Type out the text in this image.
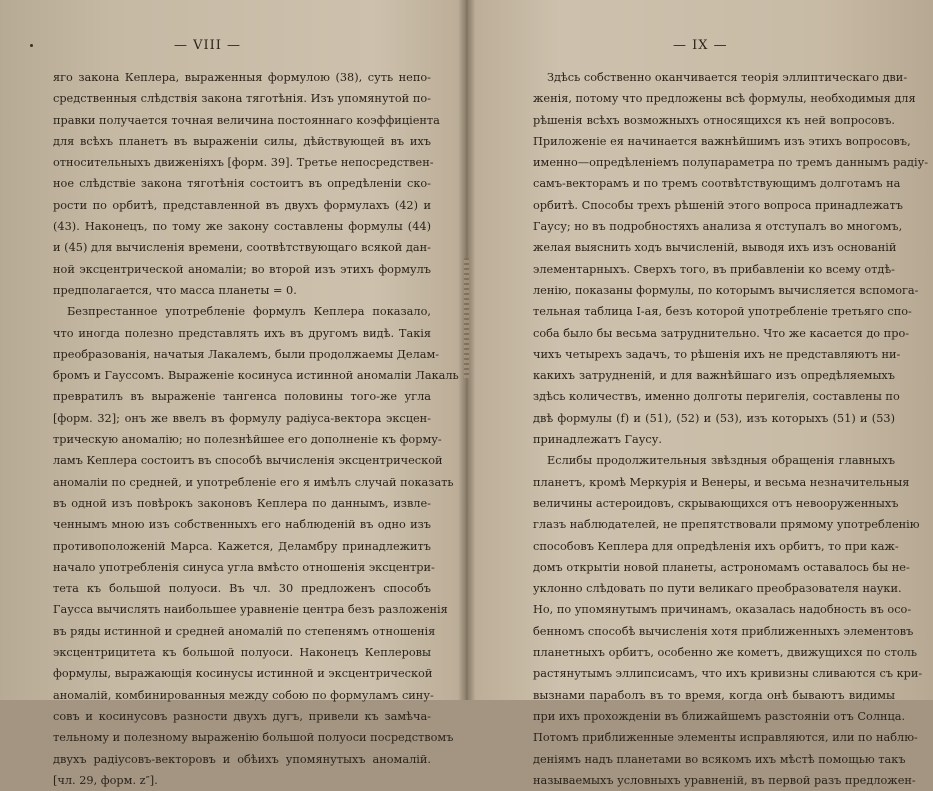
— VIII —
яго закона Кеплера, выраженныя формулою (38), суть непо-
средственныя слѣдствія закона тяготѣнія. Изъ упомянутой по-
правки получается точная величина постояннаго коэффиціента
для всѣхъ планетъ въ выраженіи силы, дѣйствующей въ ихъ
относительныхъ движеніяхъ [форм. 39]. Третье непосредствен-
ное слѣдствіе закона тяготѣнія состоитъ въ опредѣленіи ско-
рости по орбитѣ, представленной въ двухъ формулахъ (42) и
(43). Наконецъ, по тому же закону составлены формулы (44)
и (45) для вычисленія времени, соотвѣтствующаго всякой дан-
ной эксцентрической аномаліи; во второй изъ этихъ формулъ
предполагается, что масса планеты = 0.
Безпрестанное употребленіе формулъ Кеплера показало,
что иногда полезно представлять ихъ въ другомъ видѣ. Такія
преобразованія, начатыя Лакалемъ, были продолжаемы Делам-
бромъ и Гауссомъ. Выраженіе косинуса истинной аномаліи Лакаль
превратилъ въ выраженіе тангенса половины того-же угла
[форм. 32]; онъ же ввелъ въ формулу радіуса-вектора эксцен-
трическую аномалію; но полезнѣйшее его дополненіе къ форму-
ламъ Кеплера состоитъ въ способѣ вычисленія эксцентрической
аномаліи по средней, и употребленіе его я имѣлъ случай показать
въ одной изъ повѣрокъ законовъ Кеплера по даннымъ, извле-
ченнымъ мною изъ собственныхъ его наблюденій въ одно изъ
противоположеній Марса. Кажется, Деламбру принадлежитъ
начало употребленія синуса угла вмѣсто отношенія эксцентри-
тета къ большой полуоси. Въ чл. 30 предложенъ способъ
Гаусса вычислять наибольшее уравненіе центра безъ разложенія
въ ряды истинной и средней аномалій по степенямъ отношенія
эксцентрицитета къ большой полуоси. Наконецъ Кеплеровы
формулы, выражающія косинусы истинной и эксцентрической
аномалій, комбинированныя между собою по формуламъ сину-
совъ и косинусовъ разности двухъ дугъ, привели къ замѣча-
тельному и полезному выраженію большой полуоси посредствомъ
двухъ радіусовъ-векторовъ и обѣихъ упомянутыхъ аномалій.
[чл. 29, форм. z″].
— IX —
Здѣсь собственно оканчивается теорія эллиптическаго дви-
женія, потому что предложены всѣ формулы, необходимыя для
рѣшенія всѣхъ возможныхъ относящихся къ ней вопросовъ.
Приложеніе ея начинается важнѣйшимъ изъ этихъ вопросовъ,
именно—опредѣленіемъ полупараметра по тремъ даннымъ радіу-
самъ-векторамъ и по тремъ соотвѣтствующимъ долготамъ на
орбитѣ. Способы трехъ рѣшеній этого вопроса принадлежатъ
Гаусу; но въ подробностяхъ анализа я отступалъ во многомъ,
желая выяснить ходъ вычисленій, выводя ихъ изъ основаній
элементарныхъ. Сверхъ того, въ прибавленіи ко всему отдѣ-
ленію, показаны формулы, по которымъ вычисляется вспомога-
тельная таблица I-ая, безъ которой употребленіе третьяго спо-
соба было бы весьма затруднительно. Что же касается до про-
чихъ четырехъ задачъ, то рѣшенія ихъ не представляютъ ни-
какихъ затрудненій, и для важнѣйшаго изъ опредѣляемыхъ
здѣсь количествъ, именно долготы перигелія, составлены по
двѣ формулы (f) и (51), (52) и (53), изъ которыхъ (51) и (53)
принадлежатъ Гаусу.
Еслибы продолжительныя звѣздныя обращенія главныхъ
планетъ, кромѣ Меркурія и Венеры, и весьма незначительныя
величины астероидовъ, скрывающихся отъ невооруженныхъ
глазъ наблюдателей, не препятствовали прямому употребленію
способовъ Кеплера для опредѣленія ихъ орбитъ, то при каж-
домъ открытіи новой планеты, астрономамъ оставалось бы не-
уклонно слѣдовать по пути великаго преобразователя науки.
Но, по упомянутымъ причинамъ, оказалась надобность въ осо-
бенномъ способѣ вычисленія хотя приближенныхъ элементовъ
планетныхъ орбитъ, особенно же кометъ, движущихся по столь
растянутымъ эллипсисамъ, что ихъ кривизны сливаются съ кри-
вызнами параболъ въ то время, когда онѣ бываютъ видимы
при ихъ прохожденіи въ ближайшемъ разстояніи отъ Солнца.
Потомъ приближенные элементы исправляются, или по наблю-
деніямъ надъ планетами во всякомъ ихъ мѣстѣ помощью такъ
называемыхъ условныхъ уравненій, въ первой разъ предложен-
